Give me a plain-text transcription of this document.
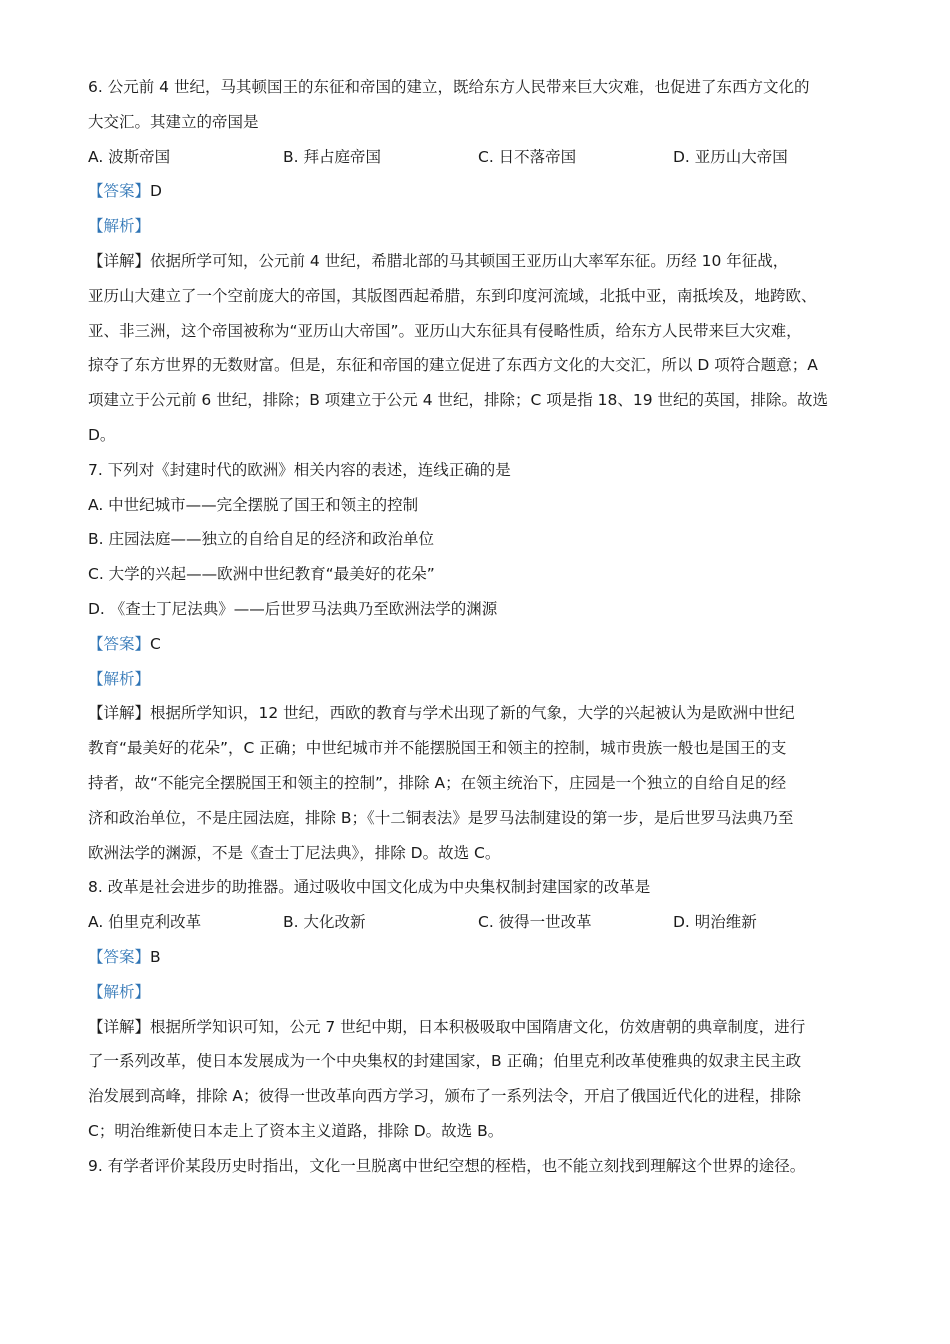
6. 公元前 4 世纪，马其顿国王的东征和帝国的建立，既给东方人民带来巨大灾难，也促进了东西方文化的
大交汇。其建立的帝国是
A. 波斯帝国	B. 拜占庭帝国	C. 日不落帝国	D. 亚历山大帝国
【答案】D
【解析】
【详解】依据所学可知，公元前 4 世纪，希腊北部的马其顿国王亚历山大率军东征。历经 10 年征战，
亚历山大建立了一个空前庞大的帝国，其版图西起希腊，东到印度河流域，北抵中亚，南抵埃及，地跨欧、
亚、非三洲，这个帝国被称为“亚历山大帝国”。亚历山大东征具有侵略性质，给东方人民带来巨大灾难，
掠夺了东方世界的无数财富。但是，东征和帝国的建立促进了东西方文化的大交汇，所以 D 项符合题意；A
项建立于公元前 6 世纪，排除；B 项建立于公元 4 世纪，排除；C 项是指 18、19 世纪的英国，排除。故选
D。
7. 下列对《封建时代的欧洲》相关内容的表述，连线正确的是
A. 中世纪城市——完全摆脱了国王和领主的控制
B. 庄园法庭——独立的自给自足的经济和政治单位
C. 大学的兴起——欧洲中世纪教育“最美好的花朵”
D. 《查士丁尼法典》——后世罗马法典乃至欧洲法学的渊源
【答案】C
【解析】
【详解】根据所学知识，12 世纪，西欧的教育与学术出现了新的气象，大学的兴起被认为是欧洲中世纪
教育“最美好的花朵”，C 正确；中世纪城市并不能摆脱国王和领主的控制，城市贵族一般也是国王的支
持者，故“不能完全摆脱国王和领主的控制”，排除 A；在领主统治下，庄园是一个独立的自给自足的经
济和政治单位，不是庄园法庭，排除 B；《十二铜表法》是罗马法制建设的第一步，是后世罗马法典乃至
欧洲法学的渊源，不是《查士丁尼法典》，排除 D。故选 C。
8. 改革是社会进步的助推器。通过吸收中国文化成为中央集权制封建国家的改革是
A. 伯里克利改革	B. 大化改新	C. 彼得一世改革	D. 明治维新
【答案】B
【解析】
【详解】根据所学知识可知，公元 7 世纪中期，日本积极吸取中国隋唐文化，仿效唐朝的典章制度，进行
了一系列改革，使日本发展成为一个中央集权的封建国家，B 正确；伯里克利改革使雅典的奴隶主民主政
治发展到高峰，排除 A；彼得一世改革向西方学习，颁布了一系列法令，开启了俄国近代化的进程，排除
C；明治维新使日本走上了资本主义道路，排除 D。故选 B。
9. 有学者评价某段历史时指出，文化一旦脱离中世纪空想的桎梏，也不能立刻找到理解这个世界的途径。
